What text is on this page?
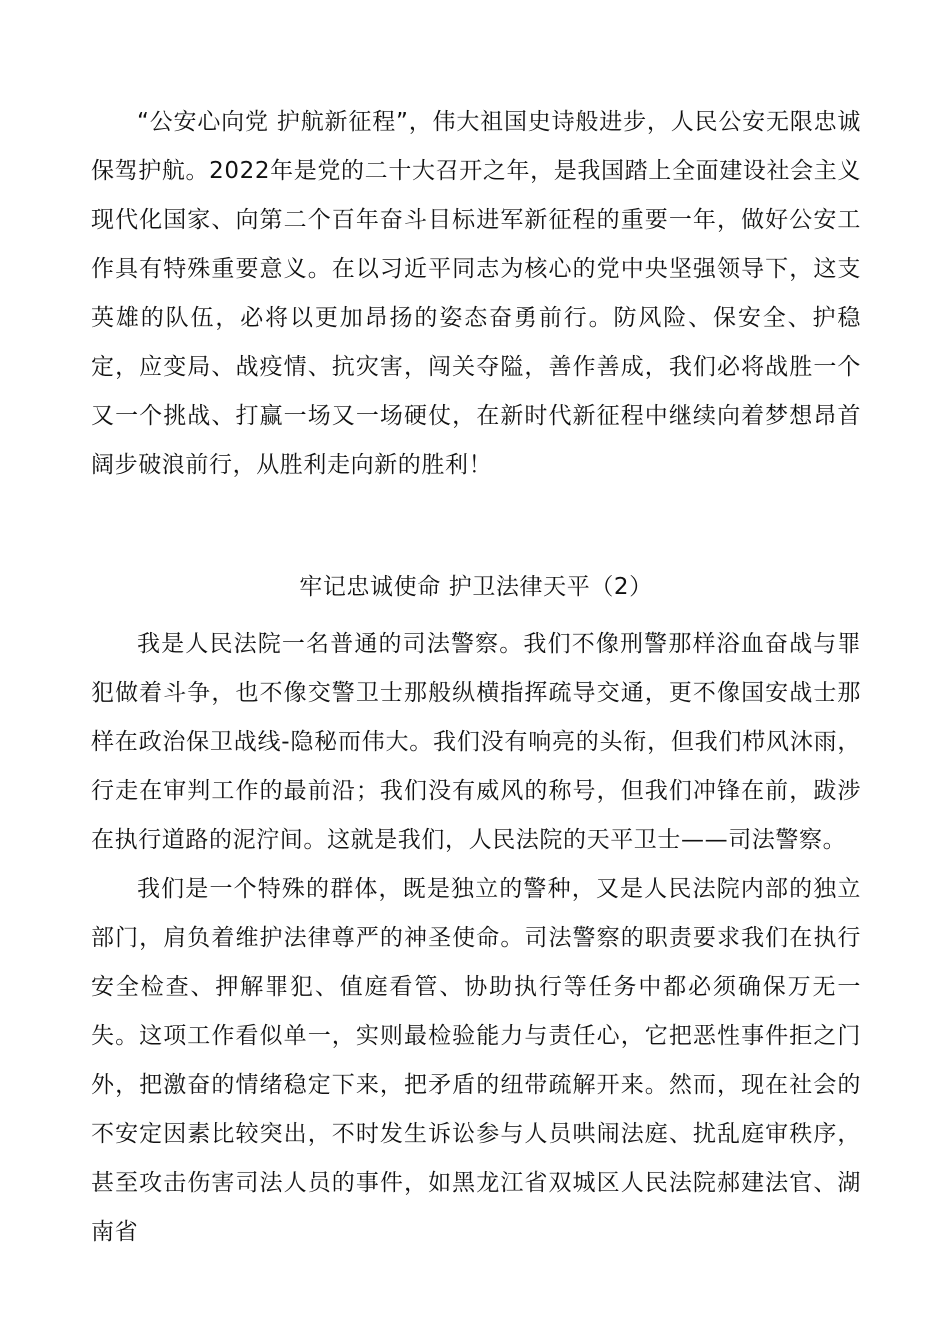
“公安心向党 护航新征程”，伟大祖国史诗般进步，人民公安无限忠诚保驾护航。2022年是党的二十大召开之年，是我国踏上全面建设社会主义现代化国家、向第二个百年奋斗目标进军新征程的重要一年，做好公安工作具有特殊重要意义。在以习近平同志为核心的党中央坚强领导下，这支英雄的队伍，必将以更加昂扬的姿态奋勇前行。防风险、保安全、护稳定，应变局、战疫情、抗灾害，闯关夺隘，善作善成，我们必将战胜一个又一个挑战、打赢一场又一场硬仗，在新时代新征程中继续向着梦想昂首阔步破浪前行，从胜利走向新的胜利！

牢记忠诚使命 护卫法律天平（2）

我是人民法院一名普通的司法警察。我们不像刑警那样浴血奋战与罪犯做着斗争，也不像交警卫士那般纵横指挥疏导交通，更不像国安战士那样在政治保卫战线-隐秘而伟大。我们没有响亮的头衔，但我们栉风沐雨，行走在审判工作的最前沿；我们没有威风的称号，但我们冲锋在前，跋涉在执行道路的泥泞间。这就是我们，人民法院的天平卫士——司法警察。

我们是一个特殊的群体，既是独立的警种，又是人民法院内部的独立部门，肩负着维护法律尊严的神圣使命。司法警察的职责要求我们在执行安全检查、押解罪犯、值庭看管、协助执行等任务中都必须确保万无一失。这项工作看似单一，实则最检验能力与责任心，它把恶性事件拒之门外，把激奋的情绪稳定下来，把矛盾的纽带疏解开来。然而，现在社会的不安定因素比较突出，不时发生诉讼参与人员哄闹法庭、扰乱庭审秩序，甚至攻击伤害司法人员的事件，如黑龙江省双城区人民法院郝建法官、湖南省
